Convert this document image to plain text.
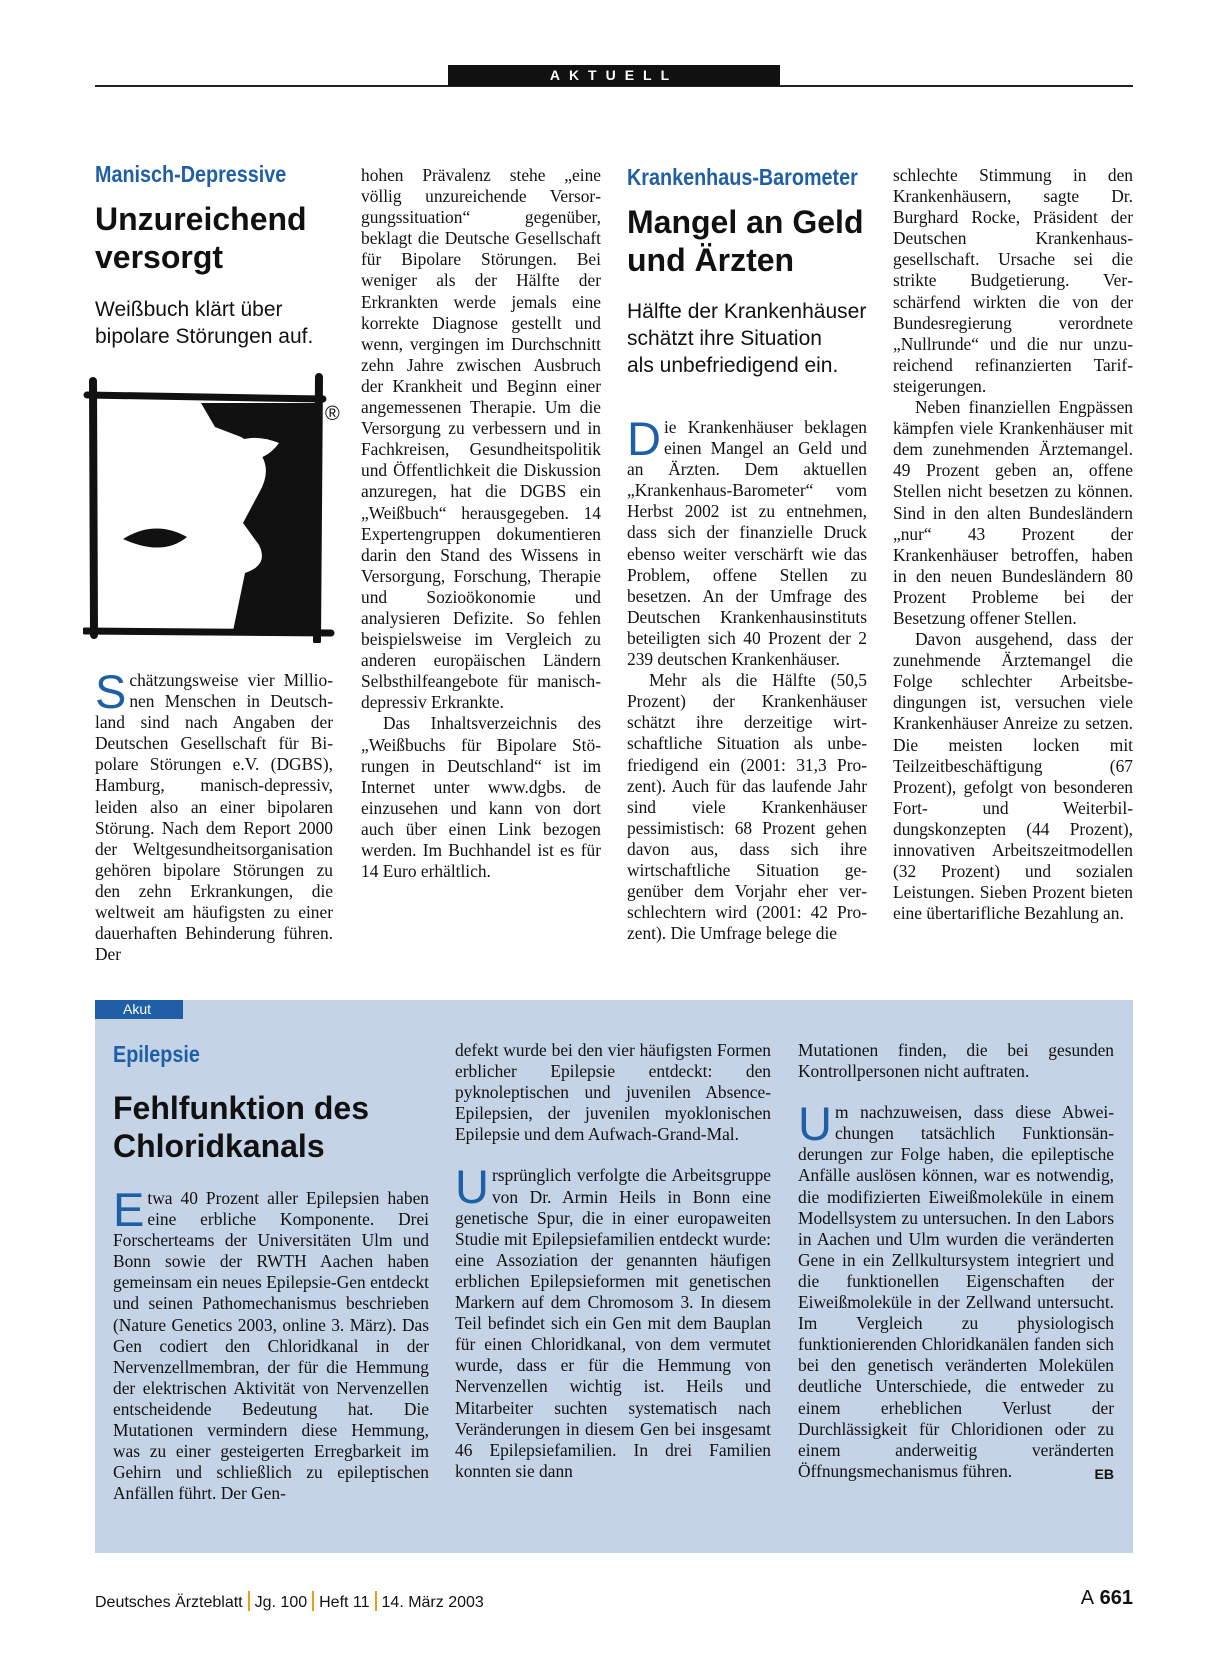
AKTUELL
Manisch-Depressive
Unzureichend
versorgt
Weißbuch klärt über
bipolare Störungen auf.
®

Schätzungsweise vier Millionen Menschen in Deutschland sind nach Angaben der Deutschen Gesellschaft für Bipolare Störungen e.V. (DGBS), Hamburg, manisch-depressiv, leiden also an einer bipolaren Störung. Nach dem Report 2000 der Weltgesundheitsorganisation gehören bipolare Störungen zu den zehn Erkrankungen, die weltweit am häufigsten zu einer dauerhaften Behinderung führen. Der

hohen Prävalenz stehe „eine völlig unzureichende Versorgungssituation“ gegenüber, beklagt die Deutsche Gesellschaft für Bipolare Störungen. Bei weniger als der Hälfte der Erkrankten werde jemals eine korrekte Diagnose gestellt und wenn, vergingen im Durchschnitt zehn Jahre zwischen Ausbruch der Krankheit und Beginn einer angemessenen Therapie. Um die Versorgung zu verbessern und in Fachkreisen, Gesundheitspolitik und Öffentlichkeit die Diskussion anzuregen, hat die DGBS ein „Weißbuch“ herausgegeben. 14 Expertengruppen dokumentieren darin den Stand des Wissens in Versorgung, Forschung, Therapie und Sozioökonomie und analysieren Defizite. So fehlen beispielsweise im Vergleich zu anderen europäischen Ländern Selbsthilfeangebote für manisch-depressiv Erkrankte.

Das Inhaltsverzeichnis des „Weißbuchs für Bipolare Störungen in Deutschland“ ist im Internet unter www.dgbs. de einzusehen und kann von dort auch über einen Link bezogen werden. Im Buchhandel ist es für 14 Euro erhältlich.

Krankenhaus-Barometer
Mangel an Geld
und Ärzten
Hälfte der Krankenhäuser
schätzt ihre Situation
als unbefriedigend ein.

Die Krankenhäuser beklagen einen Mangel an Geld und an Ärzten. Dem aktuellen „Krankenhaus-Barometer“ vom Herbst 2002 ist zu entnehmen, dass sich der finanzielle Druck ebenso weiter verschärft wie das Problem, offene Stellen zu besetzen. An der Umfrage des Deutschen Krankenhausinstituts beteiligten sich 40 Prozent der 2 239 deutschen Krankenhäuser.

Mehr als die Hälfte (50,5 Prozent) der Krankenhäuser schätzt ihre derzeitige wirtschaftliche Situation als unbefriedigend ein (2001: 31,3 Prozent). Auch für das laufende Jahr sind viele Krankenhäuser pessimistisch: 68 Prozent gehen davon aus, dass sich ihre wirtschaftliche Situation gegenüber dem Vorjahr eher verschlechtern wird (2001: 42 Prozent). Die Umfrage belege die

schlechte Stimmung in den Krankenhäusern, sagte Dr. Burghard Rocke, Präsident der Deutschen Krankenhausgesellschaft. Ursache sei die strikte Budgetierung. Verschärfend wirkten die von der Bundesregierung verordnete „Nullrunde“ und die nur unzureichend refinanzierten Tarifsteigerungen.

Neben finanziellen Engpässen kämpfen viele Krankenhäuser mit dem zunehmenden Ärztemangel. 49 Prozent geben an, offene Stellen nicht besetzen zu können. Sind in den alten Bundesländern „nur“ 43 Prozent der Krankenhäuser betroffen, haben in den neuen Bundesländern 80 Prozent Probleme bei der Besetzung offener Stellen.

Davon ausgehend, dass der zunehmende Ärztemangel die Folge schlechter Arbeitsbedingungen ist, versuchen viele Krankenhäuser Anreize zu setzen. Die meisten locken mit Teilzeitbeschäftigung (67 Prozent), gefolgt von besonderen Fort- und Weiterbildungskonzepten (44 Prozent), innovativen Arbeitszeitmodellen (32 Prozent) und sozialen Leistungen. Sieben Prozent bieten eine übertarifliche Bezahlung an.

Akut
Epilepsie
Fehlfunktion des
Chloridkanals

Etwa 40 Prozent aller Epilepsien haben eine erbliche Komponente. Drei Forscherteams der Universitäten Ulm und Bonn sowie der RWTH Aachen haben gemeinsam ein neues Epilepsie-Gen entdeckt und seinen Pathomechanismus beschrieben (Nature Genetics 2003, online 3. März). Das Gen codiert den Chloridkanal in der Nervenzellmembran, der für die Hemmung der elektrischen Aktivität von Nervenzellen entscheidende Bedeutung hat. Die Mutationen vermindern diese Hemmung, was zu einer gesteigerten Erregbarkeit im Gehirn und schließlich zu epileptischen Anfällen führt. Der Gen-

defekt wurde bei den vier häufigsten Formen erblicher Epilepsie entdeckt: den pyknoleptischen und juvenilen Absence-Epilepsien, der juvenilen myoklonischen Epilepsie und dem Aufwach-Grand-Mal.

Ursprünglich verfolgte die Arbeitsgruppe von Dr. Armin Heils in Bonn eine genetische Spur, die in einer europaweiten Studie mit Epilepsiefamilien entdeckt wurde: eine Assoziation der genannten häufigen erblichen Epilepsieformen mit genetischen Markern auf dem Chromosom 3. In diesem Teil befindet sich ein Gen mit dem Bauplan für einen Chloridkanal, von dem vermutet wurde, dass er für die Hemmung von Nervenzellen wichtig ist. Heils und Mitarbeiter suchten systematisch nach Veränderungen in diesem Gen bei insgesamt 46 Epilepsiefamilien. In drei Familien konnten sie dann

Mutationen finden, die bei gesunden Kontrollpersonen nicht auftraten.

Um nachzuweisen, dass diese Abweichungen tatsächlich Funktionsänderungen zur Folge haben, die epileptische Anfälle auslösen können, war es notwendig, die modifizierten Eiweißmoleküle in einem Modellsystem zu untersuchen. In den Labors in Aachen und Ulm wurden die veränderten Gene in ein Zellkultursystem integriert und die funktionellen Eigenschaften der Eiweißmoleküle in der Zellwand untersucht. Im Vergleich zu physiologisch funktionierenden Chloridkanälen fanden sich bei den genetisch veränderten Molekülen deutliche Unterschiede, die entweder zu einem erheblichen Verlust der Durchlässigkeit für Chloridionen oder zu einem anderweitig veränderten Öffnungsmechanismus führen.	EB

Deutsches Ärzteblatt Jg. 100 Heft 11 14. März 2003	A 661
